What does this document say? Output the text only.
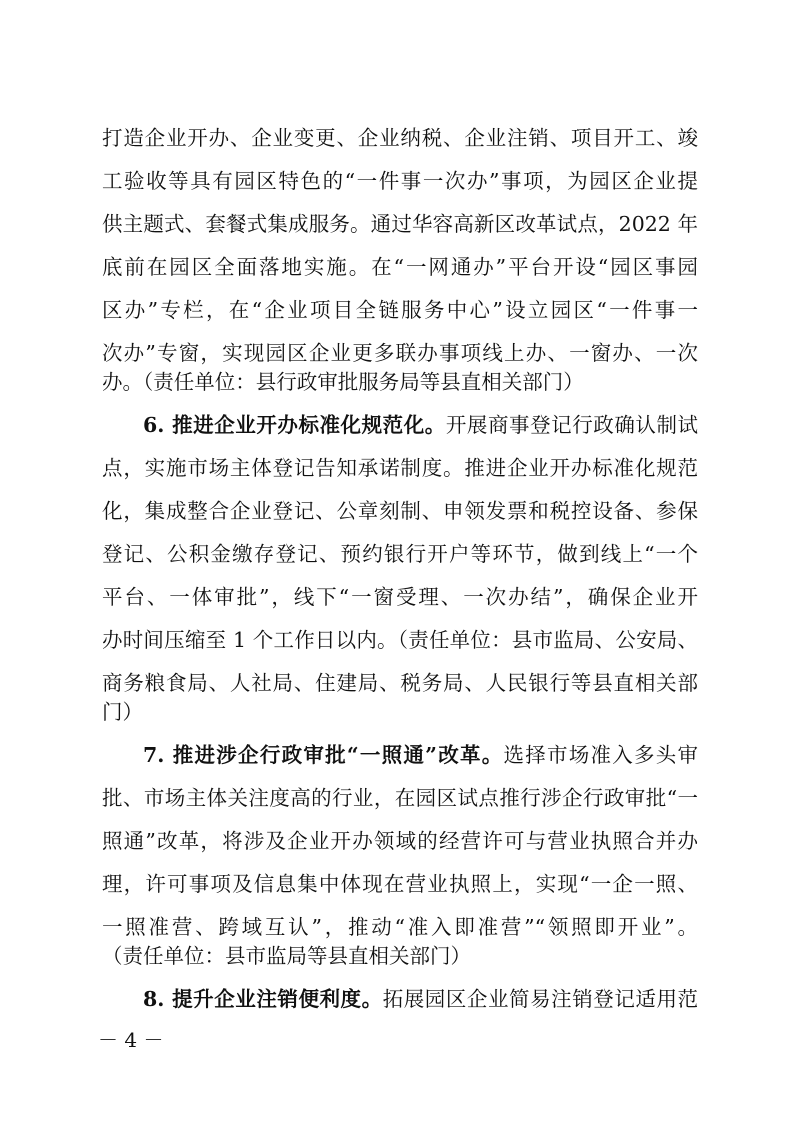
打造企业开办、企业变更、企业纳税、企业注销、项目开工、竣
工验收等具有园区特色的“一件事一次办”事项，为园区企业提
供主题式、套餐式集成服务。通过华容高新区改革试点，2022 年
底前在园区全面落地实施。在“一网通办”平台开设“园区事园
区办”专栏，在“企业项目全链服务中心”设立园区“一件事一
次办”专窗，实现园区企业更多联办事项线上办、一窗办、一次
办。（责任单位：县行政审批服务局等县直相关部门）
6. 推进企业开办标准化规范化。开展商事登记行政确认制试
点，实施市场主体登记告知承诺制度。推进企业开办标准化规范
化，集成整合企业登记、公章刻制、申领发票和税控设备、参保
登记、公积金缴存登记、预约银行开户等环节，做到线上“一个
平台、一体审批”，线下“一窗受理、一次办结”，确保企业开
办时间压缩至 1 个工作日以内。（责任单位：县市监局、公安局、
商务粮食局、人社局、住建局、税务局、人民银行等县直相关部
门）
7. 推进涉企行政审批“一照通”改革。选择市场准入多头审
批、市场主体关注度高的行业，在园区试点推行涉企行政审批“一
照通”改革，将涉及企业开办领域的经营许可与营业执照合并办
理，许可事项及信息集中体现在营业执照上，实现“一企一照、
一照准营、跨域互认”，推动“准入即准营”“领照即开业”。
（责任单位：县市监局等县直相关部门）
8. 提升企业注销便利度。拓展园区企业简易注销登记适用范
－ 4 －
